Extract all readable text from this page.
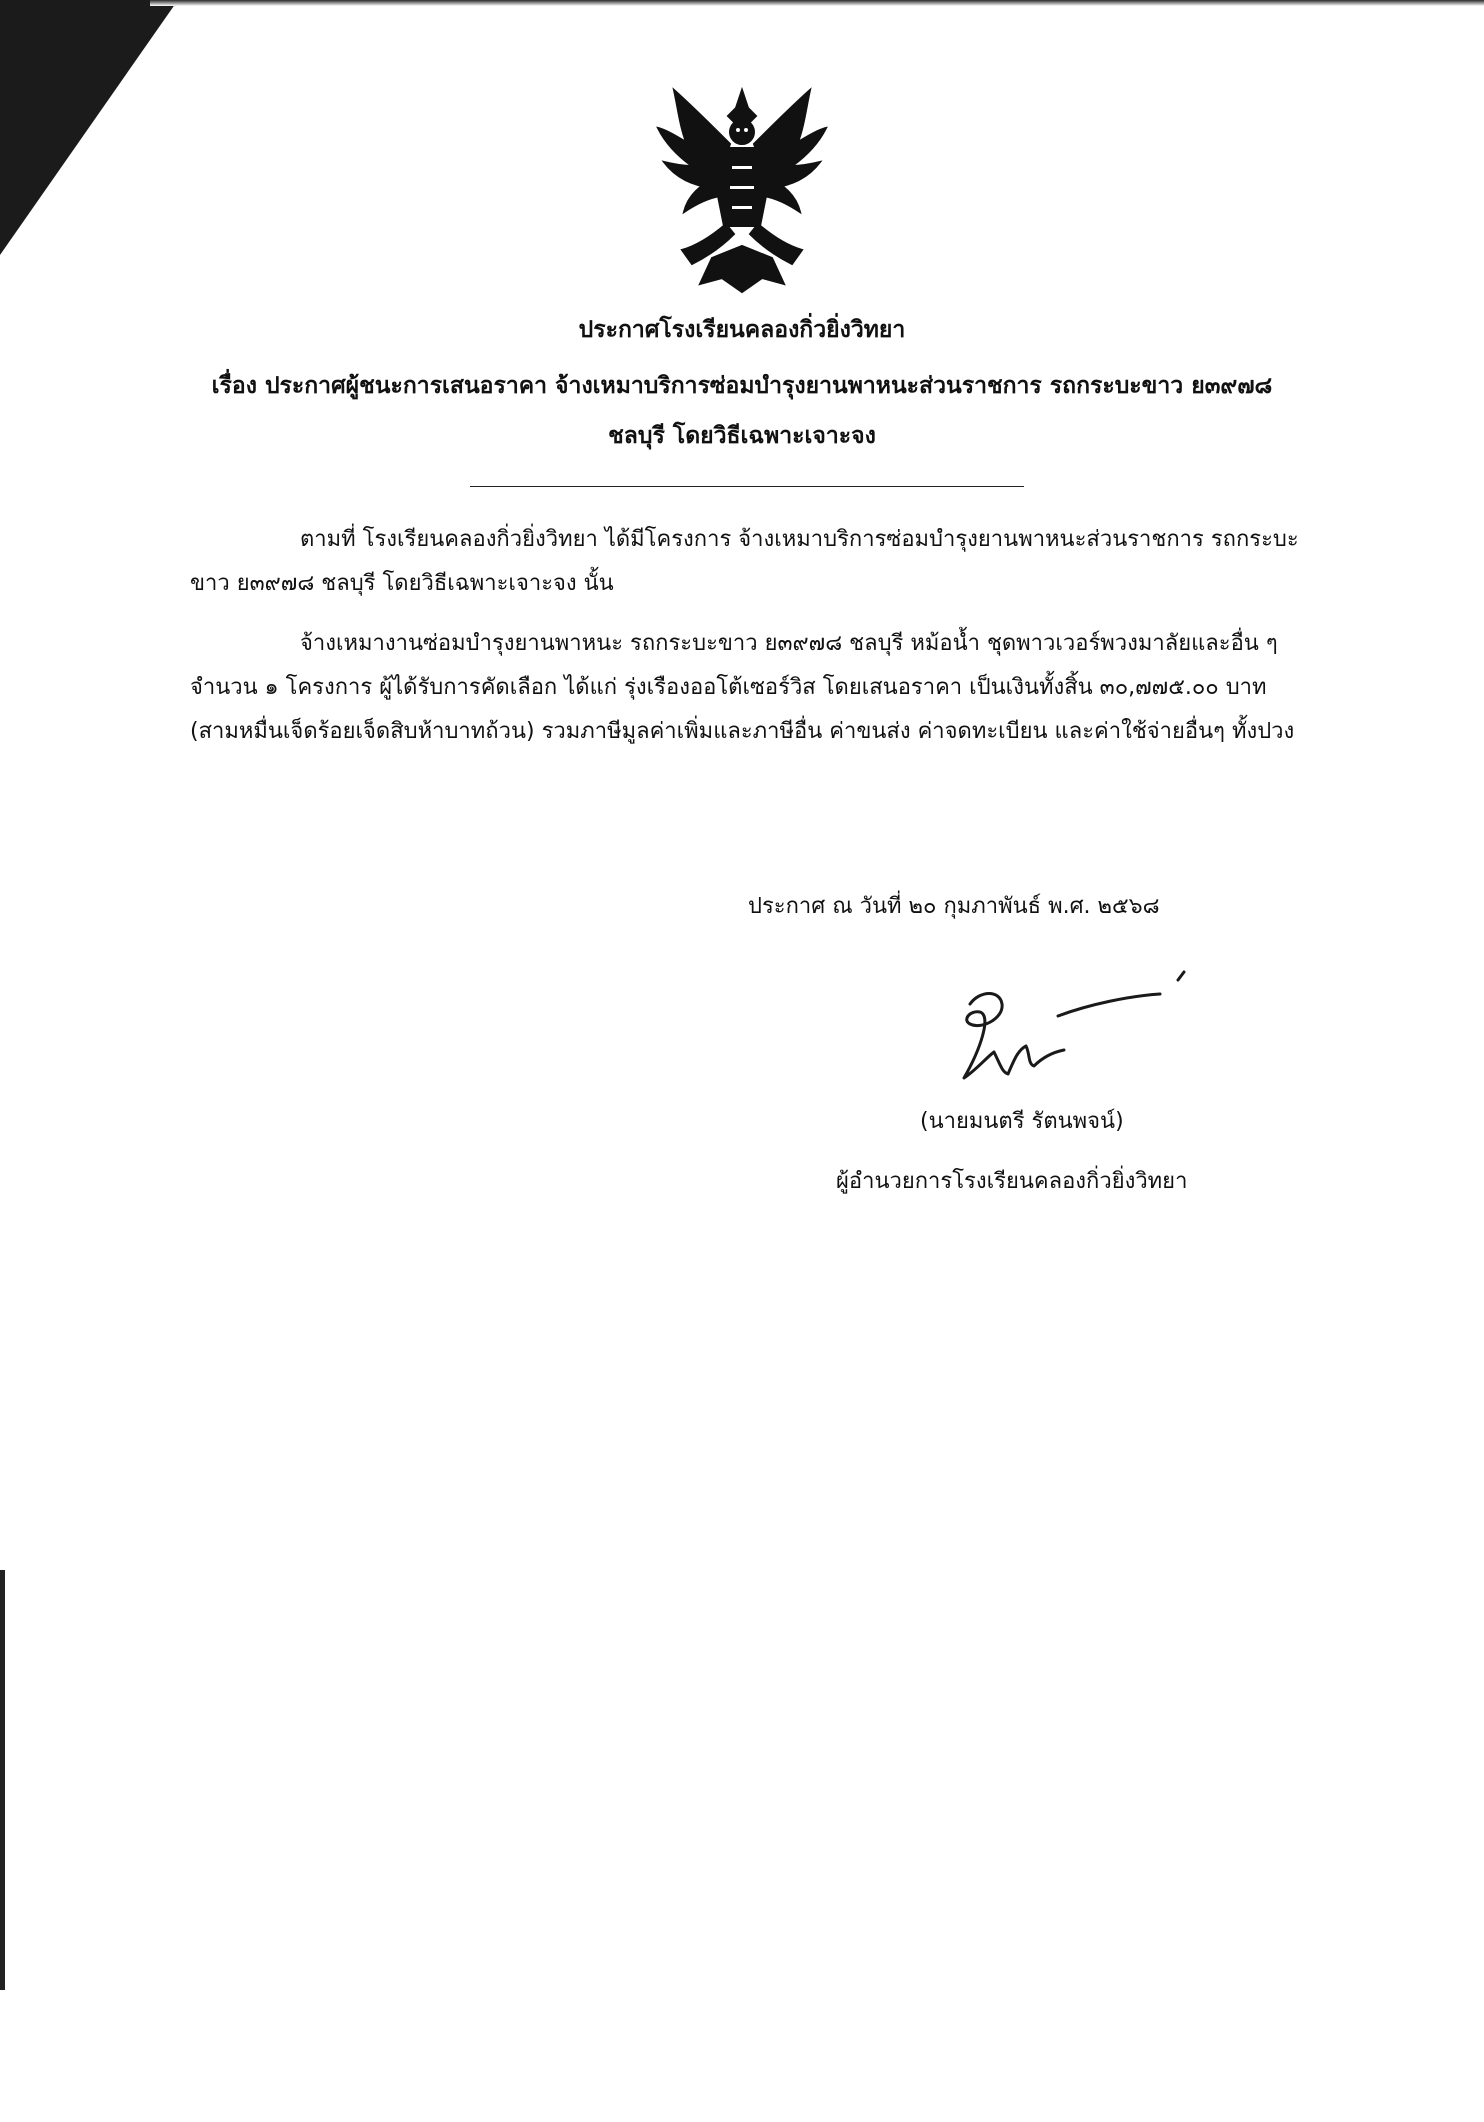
ประกาศโรงเรียนคลองกิ่วยิ่งวิทยา
เรื่อง ประกาศผู้ชนะการเสนอราคา จ้างเหมาบริการซ่อมบำรุงยานพาหนะส่วนราชการ รถกระบะขาว ย๓๙๗๘
ชลบุรี โดยวิธีเฉพาะเจาะจง
ตามที่ โรงเรียนคลองกิ่วยิ่งวิทยา ได้มีโครงการ จ้างเหมาบริการซ่อมบำรุงยานพาหนะส่วนราชการ รถกระบะขาว ย๓๙๗๘ ชลบุรี โดยวิธีเฉพาะเจาะจง นั้น
จ้างเหมางานซ่อมบำรุงยานพาหนะ รถกระบะขาว ย๓๙๗๘ ชลบุรี หม้อน้ำ ชุดพาวเวอร์พวงมาลัยและอื่น ๆ จำนวน ๑ โครงการ ผู้ได้รับการคัดเลือก ได้แก่ รุ่งเรืองออโต้เซอร์วิส โดยเสนอราคา เป็นเงินทั้งสิ้น ๓๐,๗๗๕.๐๐ บาท (สามหมื่นเจ็ดร้อยเจ็ดสิบห้าบาทถ้วน) รวมภาษีมูลค่าเพิ่มและภาษีอื่น ค่าขนส่ง ค่าจดทะเบียน และค่าใช้จ่ายอื่นๆ ทั้งปวง
ประกาศ ณ วันที่ ๒๐ กุมภาพันธ์ พ.ศ. ๒๕๖๘
(นายมนตรี รัตนพจน์)
ผู้อำนวยการโรงเรียนคลองกิ่วยิ่งวิทยา
